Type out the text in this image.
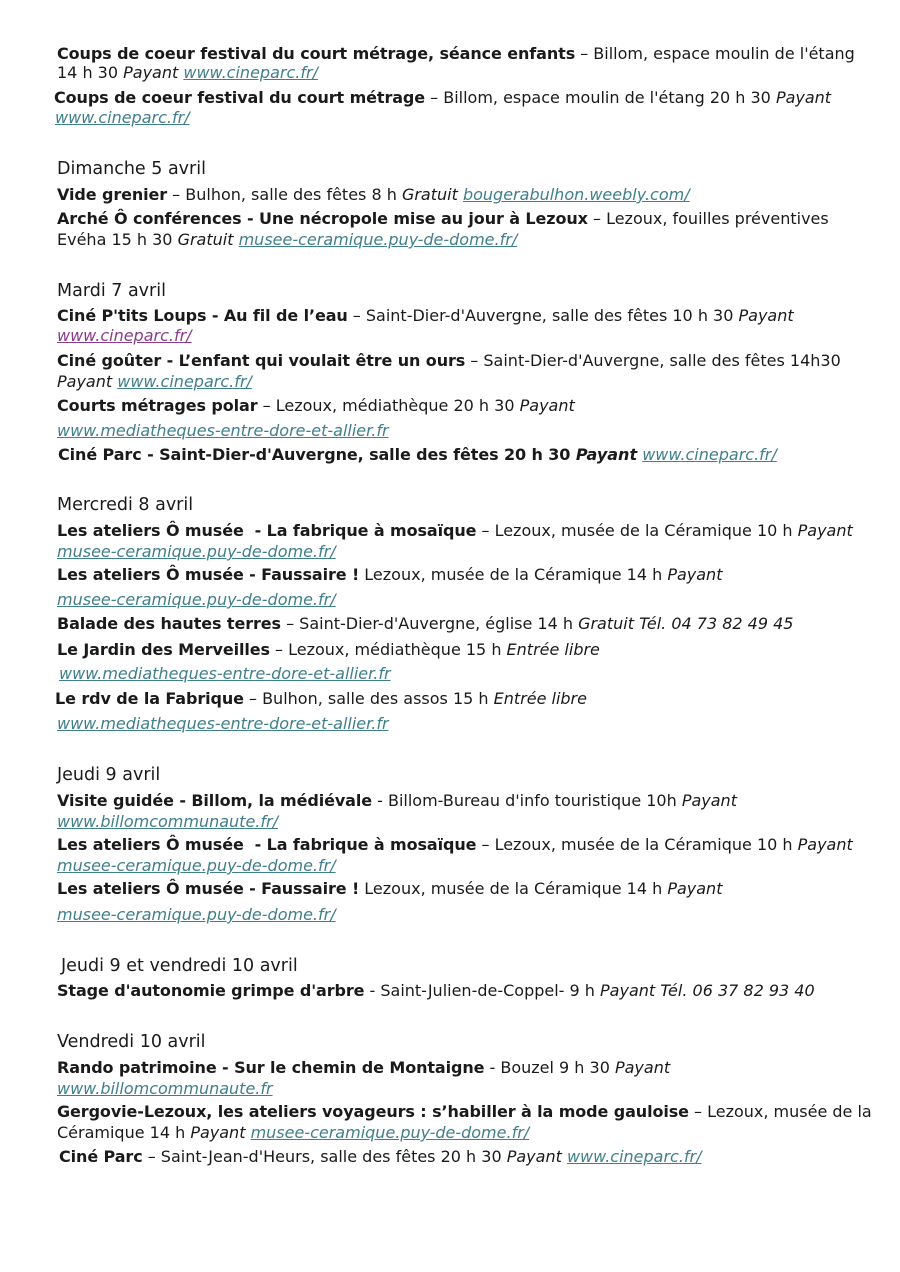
Coups de coeur festival du court métrage, séance enfants – Billom, espace moulin de l'étang
14 h 30 Payant www.cineparc.fr/
Coups de coeur festival du court métrage – Billom, espace moulin de l'étang 20 h 30 Payant
www.cineparc.fr/
Dimanche 5 avril
Vide grenier – Bulhon, salle des fêtes 8 h Gratuit bougerabulhon.weebly.com/
Arché Ô conférences - Une nécropole mise au jour à Lezoux – Lezoux, fouilles préventives
Evéha 15 h 30 Gratuit musee-ceramique.puy-de-dome.fr/
Mardi 7 avril
Ciné P'tits Loups - Au fil de l’eau – Saint-Dier-d'Auvergne, salle des fêtes 10 h 30 Payant
www.cineparc.fr/
Ciné goûter - L’enfant qui voulait être un ours – Saint-Dier-d'Auvergne, salle des fêtes 14h30
Payant www.cineparc.fr/
Courts métrages polar – Lezoux, médiathèque 20 h 30 Payant
www.mediatheques-entre-dore-et-allier.fr
Ciné Parc - Saint-Dier-d'Auvergne, salle des fêtes 20 h 30 Payant www.cineparc.fr/
Mercredi 8 avril
Les ateliers Ô musée  - La fabrique à mosaïque – Lezoux, musée de la Céramique 10 h Payant
musee-ceramique.puy-de-dome.fr/
Les ateliers Ô musée - Faussaire ! Lezoux, musée de la Céramique 14 h Payant
musee-ceramique.puy-de-dome.fr/
Balade des hautes terres – Saint-Dier-d'Auvergne, église 14 h Gratuit Tél. 04 73 82 49 45
Le Jardin des Merveilles – Lezoux, médiathèque 15 h Entrée libre
www.mediatheques-entre-dore-et-allier.fr
Le rdv de la Fabrique – Bulhon, salle des assos 15 h Entrée libre
www.mediatheques-entre-dore-et-allier.fr
Jeudi 9 avril
Visite guidée - Billom, la médiévale - Billom-Bureau d'info touristique 10h Payant
www.billomcommunaute.fr/
Les ateliers Ô musée  - La fabrique à mosaïque – Lezoux, musée de la Céramique 10 h Payant
musee-ceramique.puy-de-dome.fr/
Les ateliers Ô musée - Faussaire ! Lezoux, musée de la Céramique 14 h Payant
musee-ceramique.puy-de-dome.fr/
Jeudi 9 et vendredi 10 avril
Stage d'autonomie grimpe d'arbre - Saint-Julien-de-Coppel- 9 h Payant Tél. 06 37 82 93 40
Vendredi 10 avril
Rando patrimoine - Sur le chemin de Montaigne - Bouzel 9 h 30 Payant
www.billomcommunaute.fr
Gergovie-Lezoux, les ateliers voyageurs : s’habiller à la mode gauloise – Lezoux, musée de la
Céramique 14 h Payant musee-ceramique.puy-de-dome.fr/
Ciné Parc – Saint-Jean-d'Heurs, salle des fêtes 20 h 30 Payant www.cineparc.fr/
